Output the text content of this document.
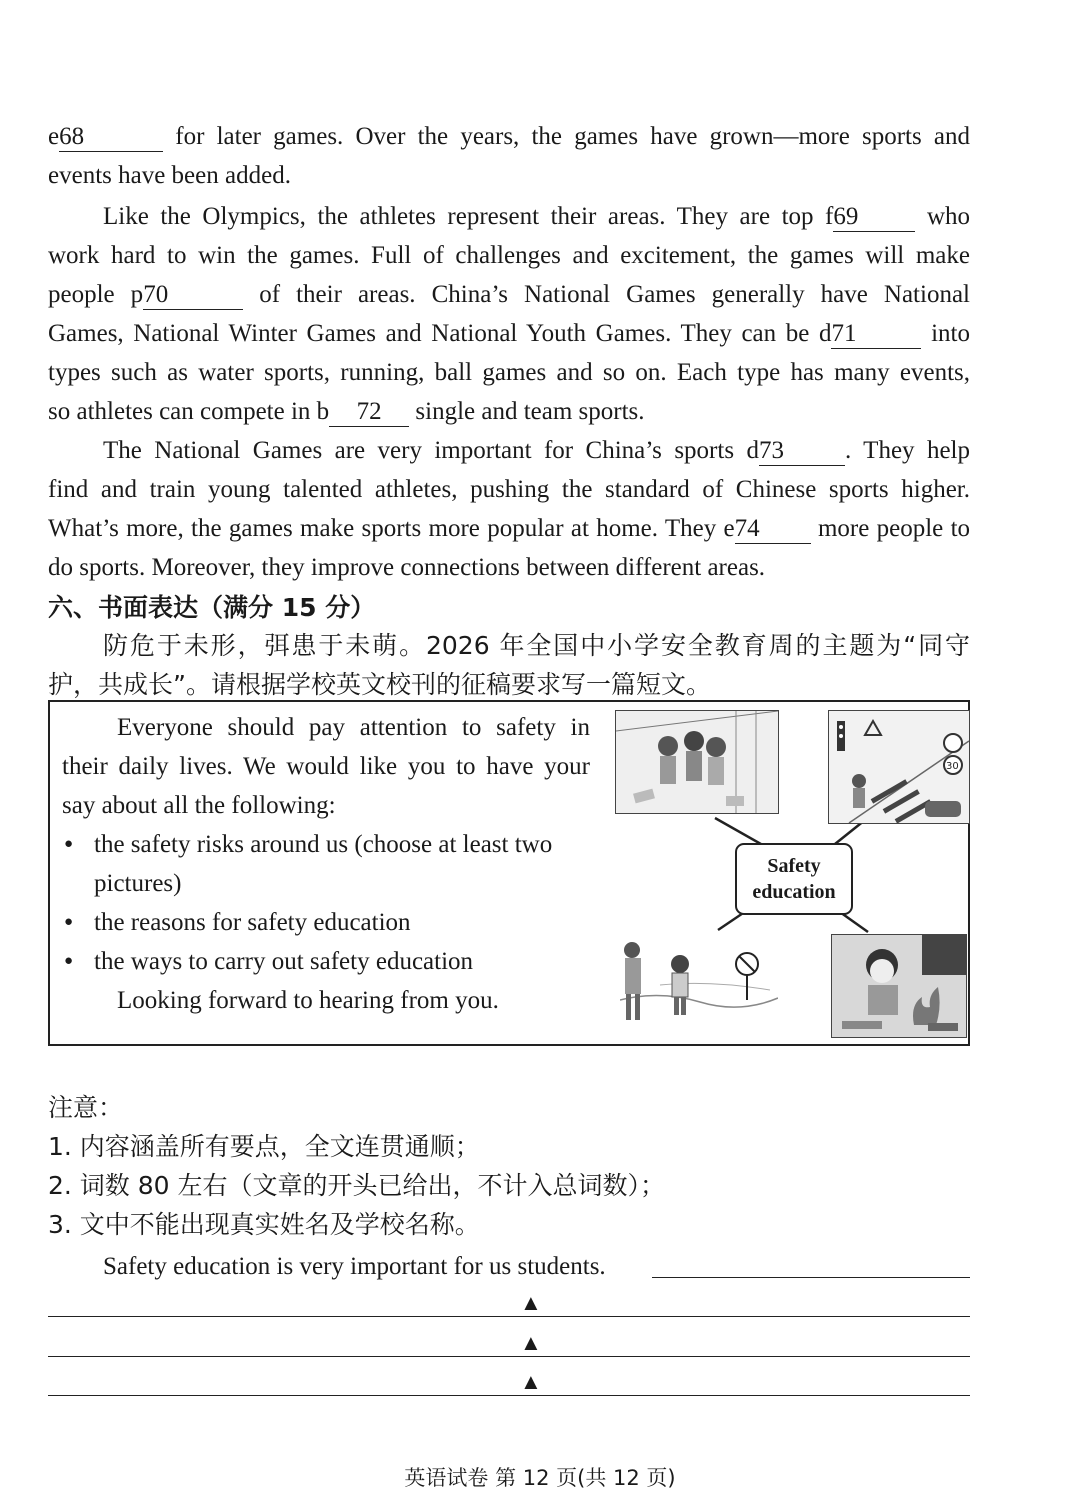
e68	for later games. Over the years, the games have grown—more sports and
events have been added.
Like the Olympics, the athletes represent their areas. They are top f69	who
work hard to win the games. Full of challenges and excitement, the games will make
people p70	of their areas. China’s National Games generally have National
Games, National Winter Games and National Youth Games. They can be d71	into
types such as water sports, running, ball games and so on. Each type has many events,
so athletes can compete in b 72 single and team sports.
The National Games are very important for China’s sports d73 . They help
find and train young talented athletes, pushing the standard of Chinese sports higher.
What’s more, the games make sports more popular at home. They e74 more people to
do sports. Moreover, they improve connections between different areas.
六、书面表达（满分 15 分）
防危于未形，弭患于未萌。2026 年全国中小学安全教育周的主题为“同守
护，共成长”。请根据学校英文校刊的征稿要求写一篇短文。
Everyone should pay attention to safety in
their daily lives. We would like you to have your
say about all the following:
● the safety risks around us (choose at least two
pictures)
● the reasons for safety education
● the ways to carry out safety education
Looking forward to hearing from you.
30
Safety
education
注意：
1. 内容涵盖所有要点，全文连贯通顺；
2. 词数 80 左右（文章的开头已给出，不计入总词数）；
3. 文中不能出现真实姓名及学校名称。
Safety education is very important for us students.
▲
▲
▲
英语试卷 第 12 页(共 12 页)
